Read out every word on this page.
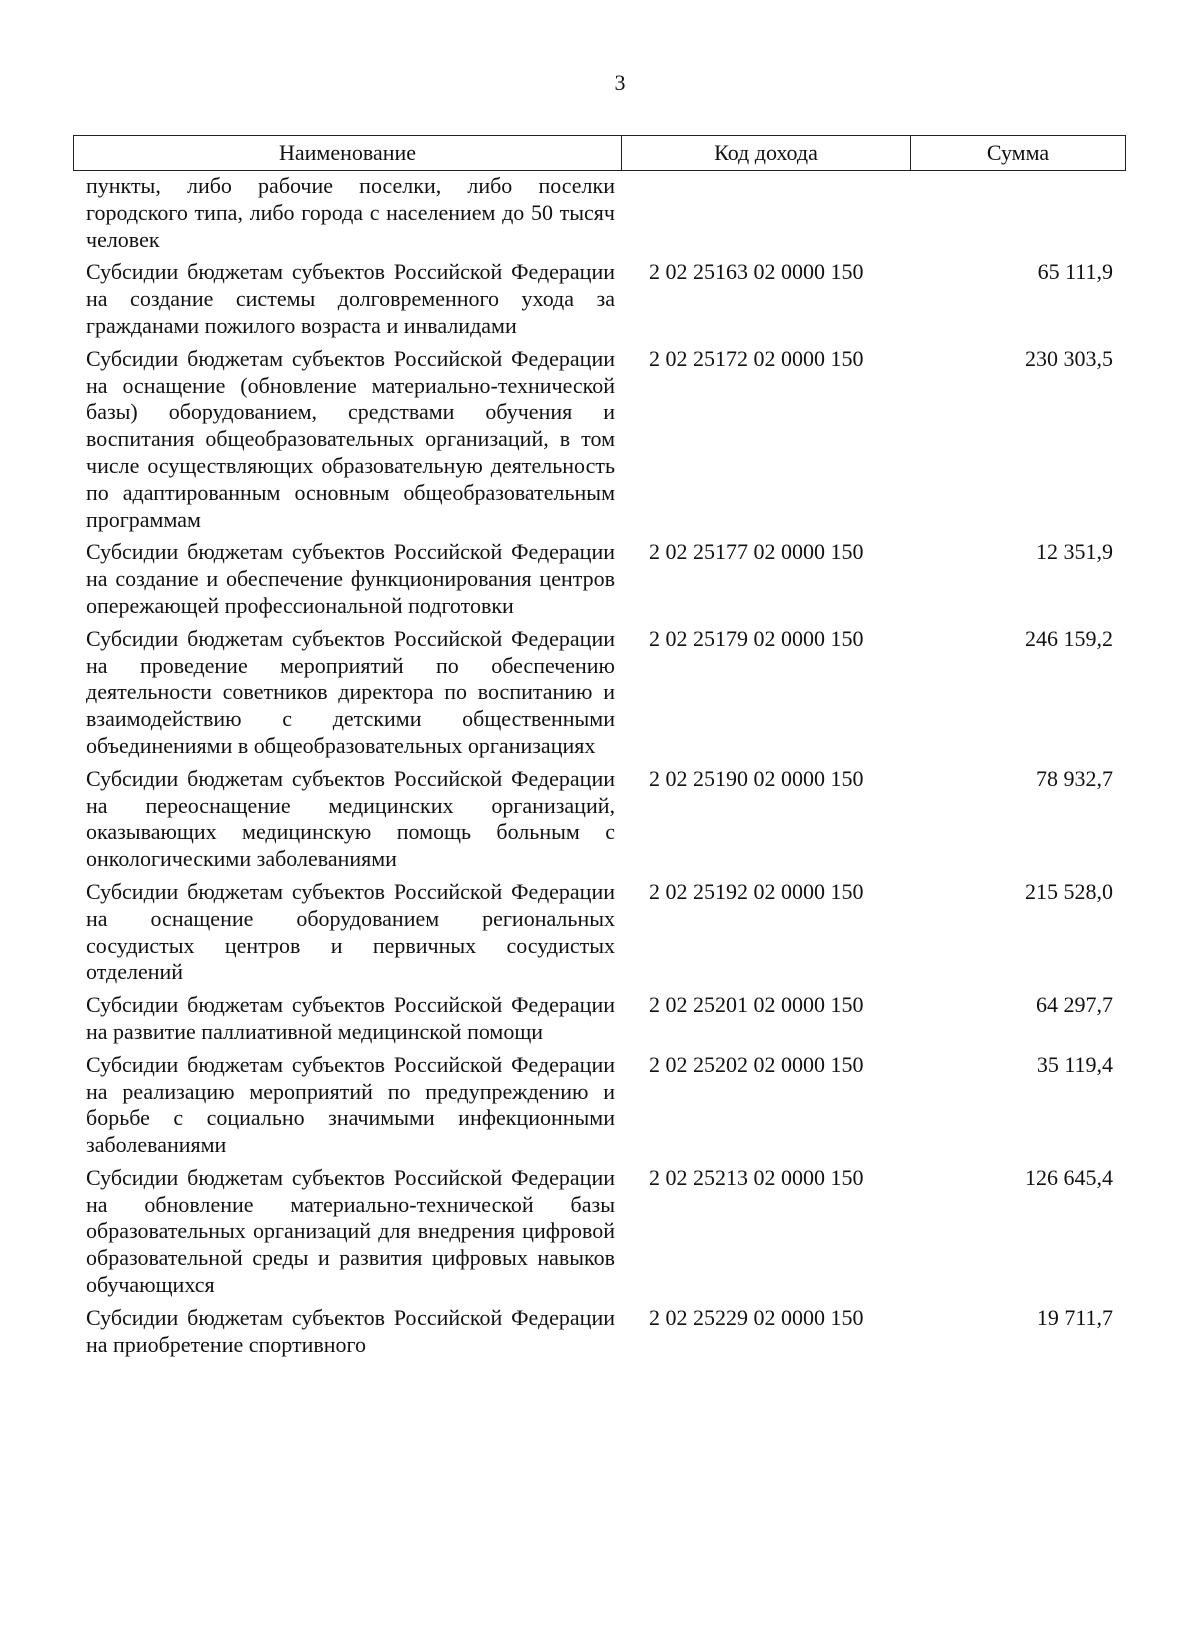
3
Наименование	Код дохода	Сумма
пункты, либо рабочие поселки, либо поселки городского типа, либо города с населением до 50 тысяч человек
Субсидии бюджетам субъектов Российской Федерации на создание системы долговременного ухода за гражданами пожилого возраста и инвалидами
2 02 25163 02 0000 150	65 111,9
Субсидии бюджетам субъектов Российской Федерации на оснащение (обновление материально-технической базы) оборудованием, средствами обучения и воспитания общеобразовательных организаций, в том числе осуществляющих образовательную деятельность по адаптированным основным общеобразовательным программам
2 02 25172 02 0000 150	230 303,5
Субсидии бюджетам субъектов Российской Федерации на создание и обеспечение функционирования центров опережающей профессиональной подготовки
2 02 25177 02 0000 150	12 351,9
Субсидии бюджетам субъектов Российской Федерации на проведение мероприятий по обеспечению деятельности советников директора по воспитанию и взаимодействию с детскими общественными объединениями в общеобразовательных организациях
2 02 25179 02 0000 150	246 159,2
Субсидии бюджетам субъектов Российской Федерации на переоснащение медицинских организаций, оказывающих медицинскую помощь больным с онкологическими заболеваниями
2 02 25190 02 0000 150	78 932,7
Субсидии бюджетам субъектов Российской Федерации на оснащение оборудованием региональных сосудистых центров и первичных сосудистых отделений
2 02 25192 02 0000 150	215 528,0
Субсидии бюджетам субъектов Российской Федерации на развитие паллиативной медицинской помощи
2 02 25201 02 0000 150	64 297,7
Субсидии бюджетам субъектов Российской Федерации на реализацию мероприятий по предупреждению и борьбе с социально значимыми инфекционными заболеваниями
2 02 25202 02 0000 150	35 119,4
Субсидии бюджетам субъектов Российской Федерации на обновление материально-технической базы образовательных организаций для внедрения цифровой образовательной среды и развития цифровых навыков обучающихся
2 02 25213 02 0000 150	126 645,4
Субсидии бюджетам субъектов Российской Федерации на приобретение спортивного
2 02 25229 02 0000 150	19 711,7
